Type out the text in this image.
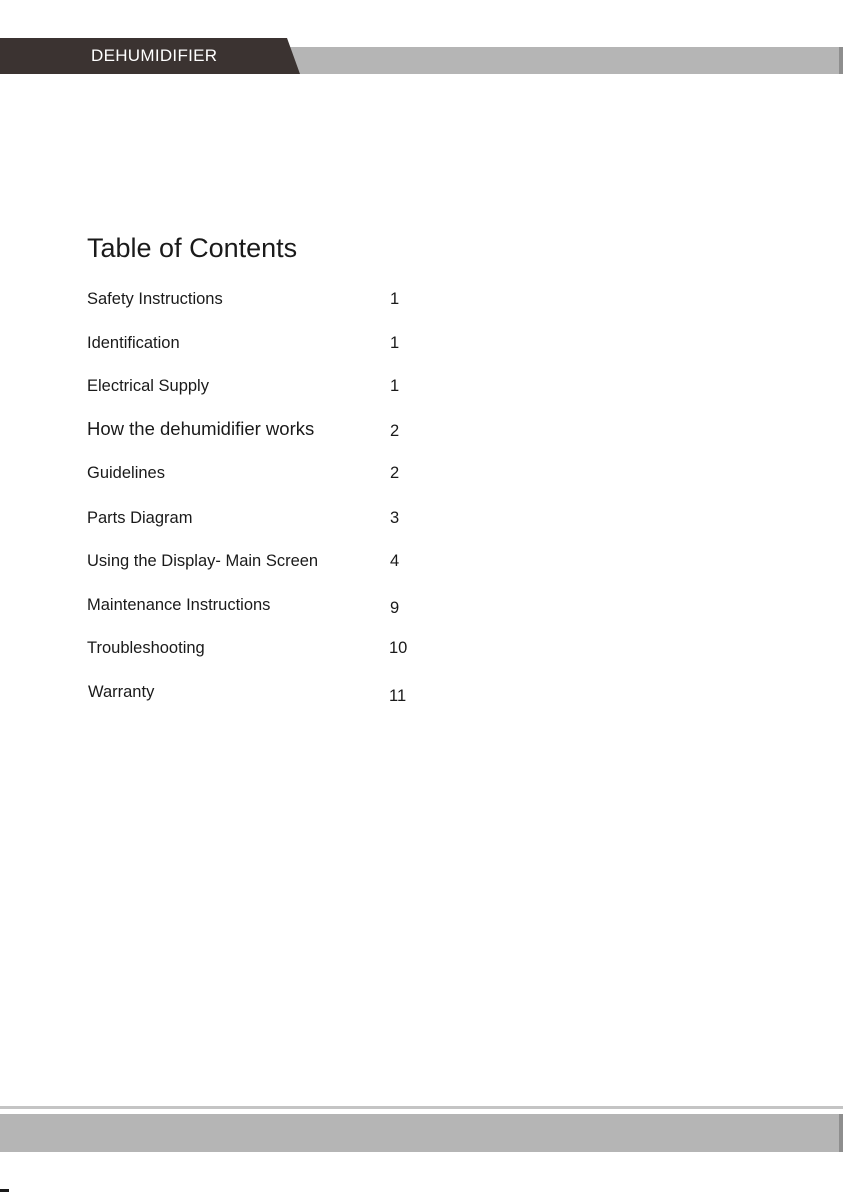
DEHUMIDIFIER
Table of Contents
Safety Instructions	1
Identification	1
Electrical Supply	1
How the dehumidifier works	2
Guidelines	2
Parts Diagram	3
Using the Display- Main Screen	4
Maintenance Instructions	9
Troubleshooting	10
Warranty	11
